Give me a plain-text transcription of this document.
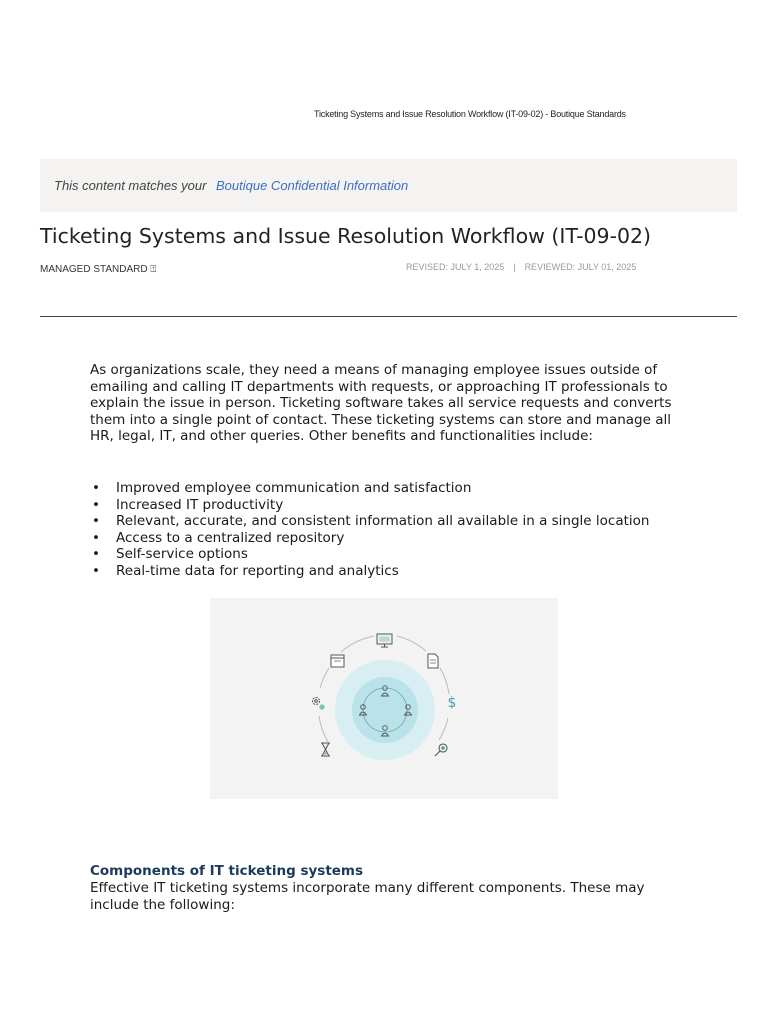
Ticketing Systems and Issue Resolution Workflow (IT-09-02) - Boutique Standards
This content matches your Boutique Confidential Information
Ticketing Systems and Issue Resolution Workflow (IT-09-02)
MANAGED STANDARD ⍐	REVISED: JULY 1, 2025 | REVIEWED: JULY 01, 2025

As organizations scale, they need a means of managing employee issues outside of emailing and calling IT departments with requests, or approaching IT professionals to explain the issue in person. Ticketing software takes all service requests and converts them into a single point of contact. These ticketing systems can store and manage all HR, legal, IT, and other queries. Other benefits and functionalities include:

• Improved employee communication and satisfaction
• Increased IT productivity
• Relevant, accurate, and consistent information all available in a single location
• Access to a centralized repository
• Self-service options
• Real-time data for reporting and analytics
$
Components of IT ticketing systems

Effective IT ticketing systems incorporate many different components. These may include the following:
